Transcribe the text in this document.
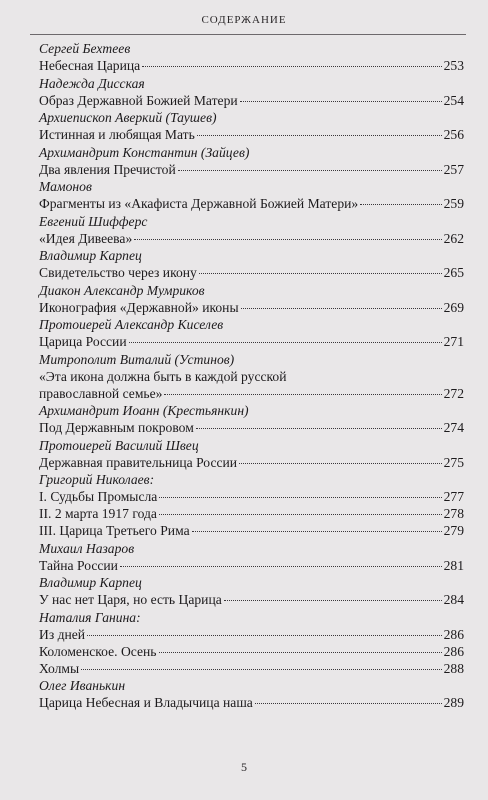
СОДЕРЖАНИЕ
Сергей Бехтеев
Небесная Царица	253
Надежда Дисская
Образ Державной Божией Матери	254
Архиепископ Аверкий (Таушев)
Истинная и любящая Мать	256
Архимандрит Константин (Зайцев)
Два явления Пречистой	257
Мамонов
Фрагменты из «Акафиста Державной Божией Матери»	259
Евгений Шифферс
«Идея Дивеева»	262
Владимир Карпец
Свидетельство через икону	265
Диакон Александр Мумриков
Иконография «Державной» иконы	269
Протоиерей Александр Киселев
Царица России	271
Митрополит Виталий (Устинов)
«Эта икона должна быть в каждой русской
православной семье»	272
Архимандрит Иоанн (Крестьянкин)
Под Державным покровом	274
Протоиерей Василий Швец
Державная правительница России	275
Григорий Николаев:
I. Судьбы Промысла	277
II. 2 марта 1917 года	278
III. Царица Третьего Рима	279
Михаил Назаров
Тайна России	281
Владимир Карпец
У нас нет Царя, но есть Царица	284
Наталия Ганина:
Из дней	286
Коломенское. Осень	286
Холмы	288
Олег Иванькин
Царица Небесная и Владычица наша	289
5
